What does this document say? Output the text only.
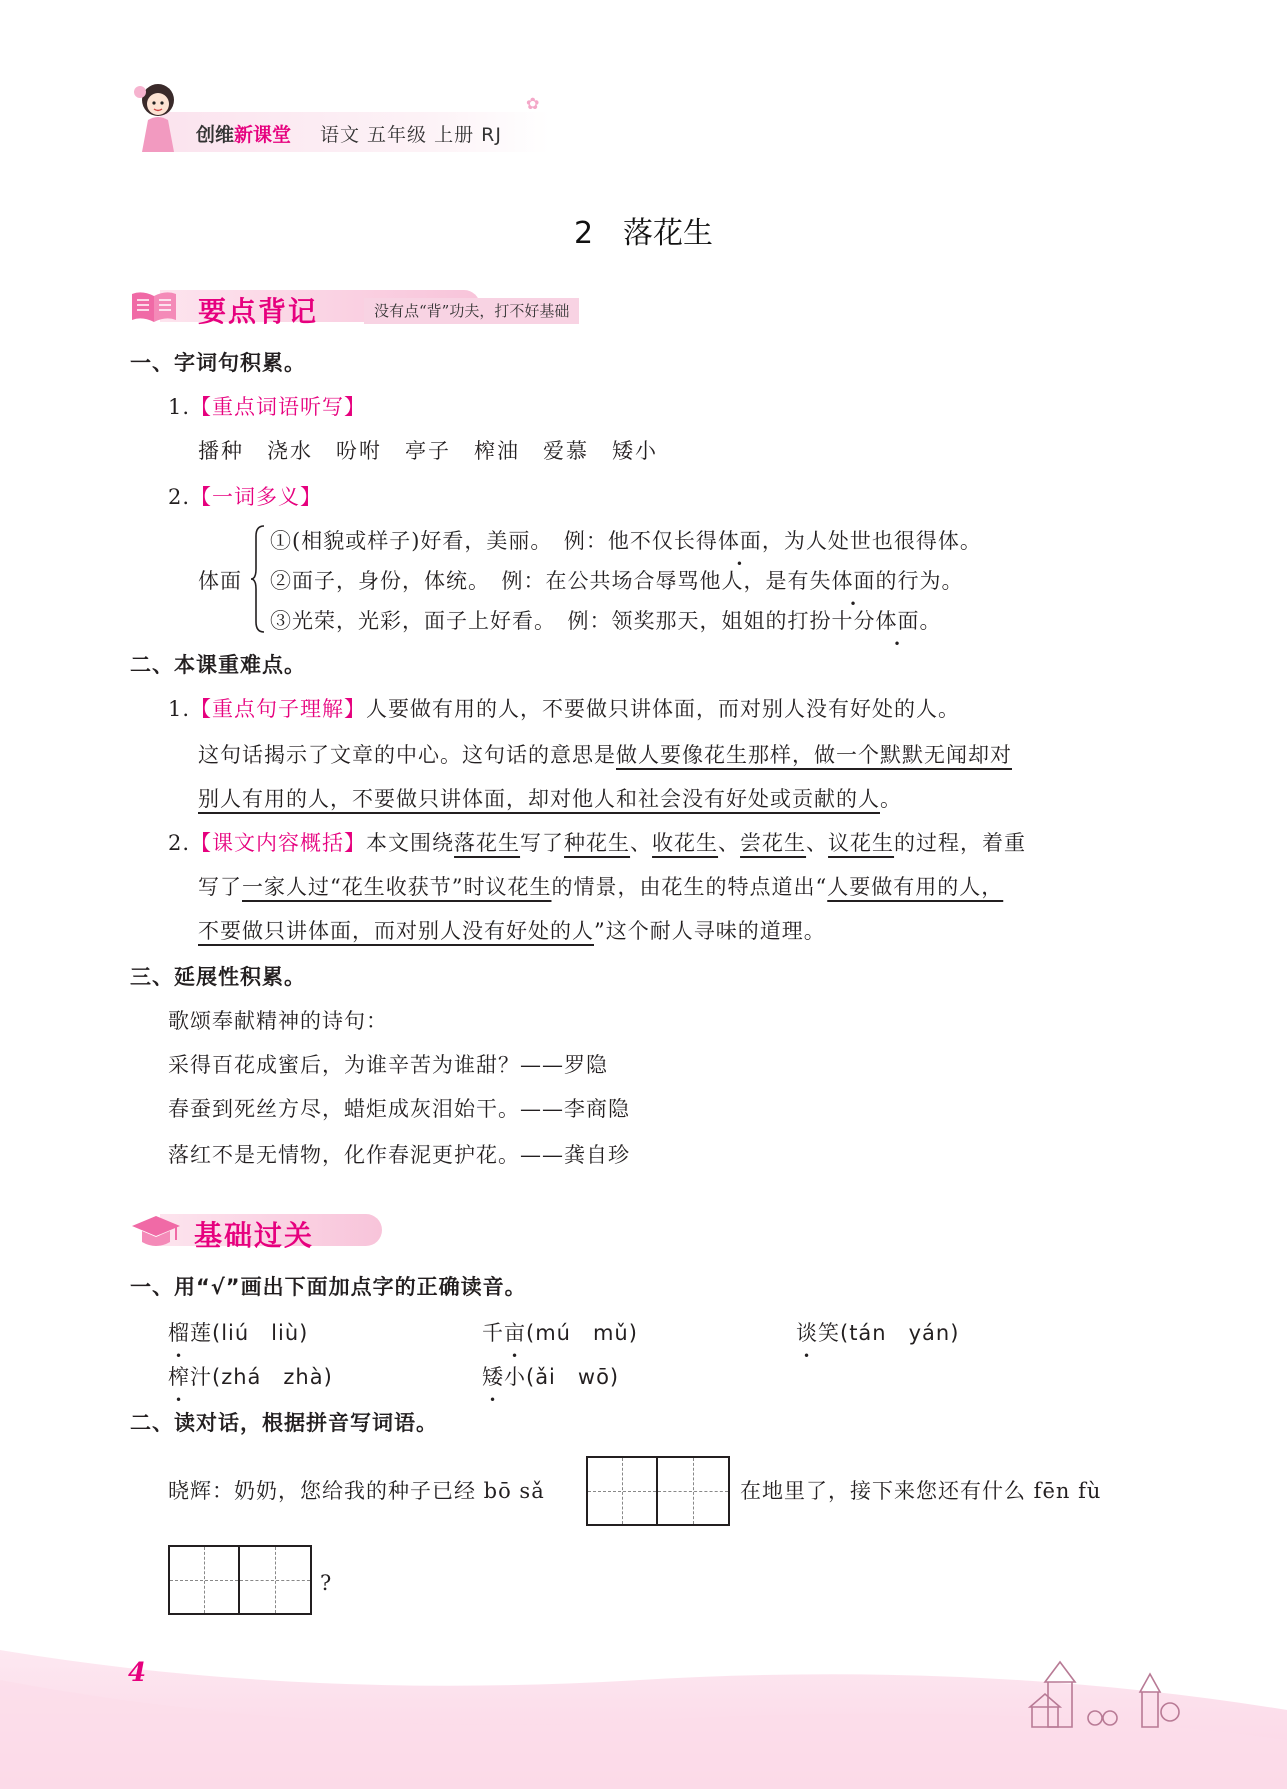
创维新课堂 语文 五年级 上册 RJ
✿
2　落花生
要点背记	没有点“背”功夫，打不好基础
一、字词句积累。
1.【重点词语听写】
播种　浇水　吩咐　亭子　榨油　爱慕　矮小
2.【一词多义】
体面
①(相貌或样子)好看，美丽。　例：他不仅长得体面，为人处世也很得体。
②面子，身份，体统。　例：在公共场合辱骂他人，是有失体面的行为。
③光荣，光彩，面子上好看。　例：领奖那天，姐姐的打扮十分体面。
二、本课重难点。
1.【重点句子理解】人要做有用的人，不要做只讲体面，而对别人没有好处的人。
这句话揭示了文章的中心。这句话的意思是做人要像花生那样，做一个默默无闻却对
别人有用的人，不要做只讲体面，却对他人和社会没有好处或贡献的人。
2.【课文内容概括】本文围绕落花生写了种花生、收花生、尝花生、议花生的过程，着重
写了一家人过“花生收获节”时议花生的情景，由花生的特点道出“人要做有用的人，
不要做只讲体面，而对别人没有好处的人”这个耐人寻味的道理。
三、延展性积累。
歌颂奉献精神的诗句：
采得百花成蜜后，为谁辛苦为谁甜？——罗隐
春蚕到死丝方尽，蜡炬成灰泪始干。——李商隐
落红不是无情物，化作春泥更护花。——龚自珍
基础过关
一、用“√”画出下面加点字的正确读音。
榴莲(liú　liù)	千亩(mú　mǔ)	谈笑(tán　yán)
榨汁(zhá　zhà)	矮小(ǎi　wō)
二、读对话，根据拼音写词语。
晓辉：奶奶，您给我的种子已经 bō sǎ	在地里了，接下来您还有什么 fēn fù
?
4
